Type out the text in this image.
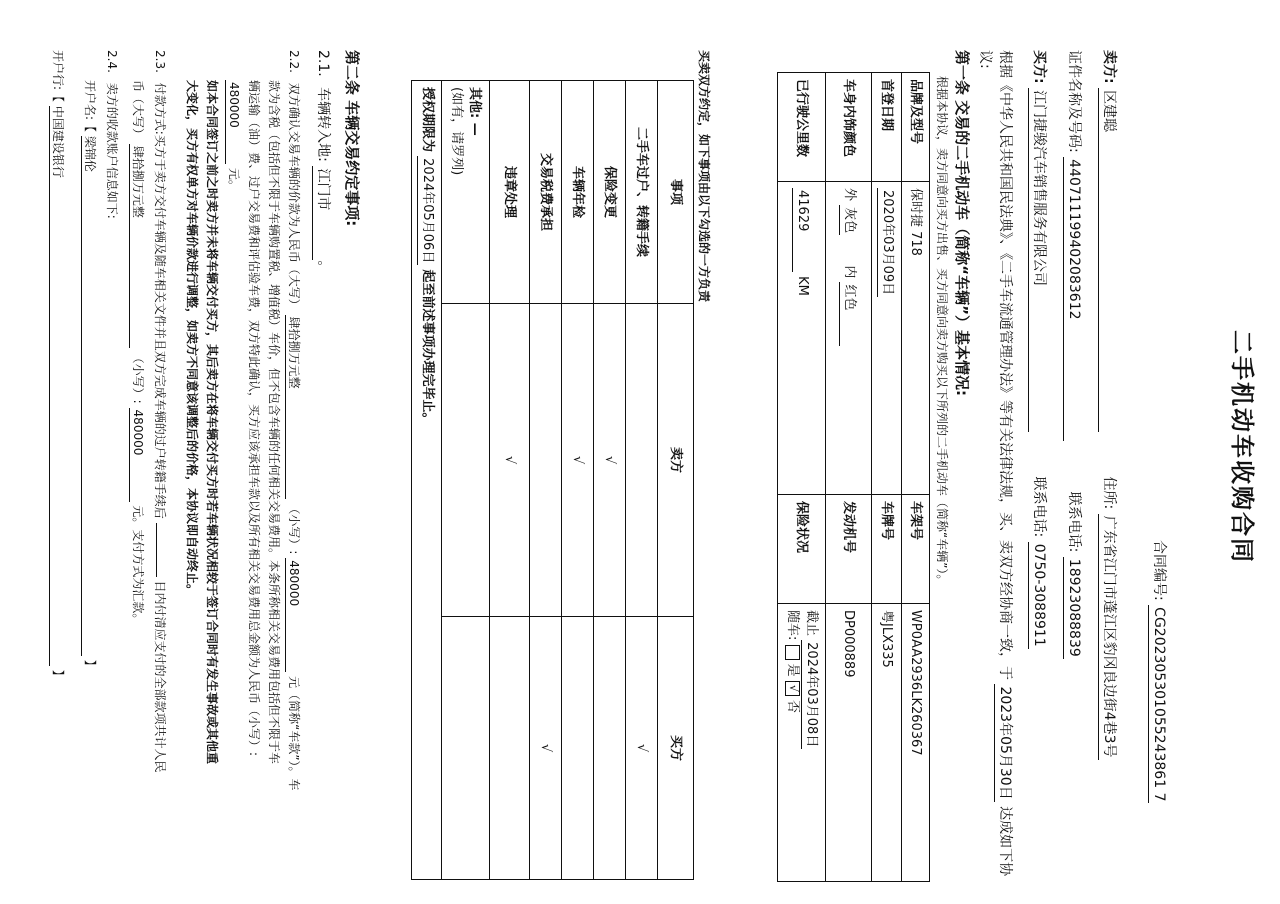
二手机动车收购合同
合同编号: CG202305301055243861 7
卖方: 区建聪 住所: 广东省江门市蓬江区豹冈良边街4巷3号
证件名称及号码: 440711199402083612 联系电话: 18923088839
买方: 江门捷骏汽车销售服务有限公司 联系电话: 0750-3088911
根据《中华人民共和国民法典》、《二手车流通管理办法》等有关法律法规，买、卖双方经协商一致，于 2023年05月30日 达成如下协
议:
第一条 交易的二手机动车（简称“车辆”）基本情况:
根据本协议，卖方同意向买方出售、买方同意向卖方购买以下所列的二手机动车（简称“车辆”）。
品牌及型号	保时捷 718	车架号	WP0AA2936LK260367
首登日期	2020年03月09日	车牌号	粤JLX335
车身内饰颜色	外 灰色 内 红色	发动机号	DP000889
已行驶公里数	41629 KM	保险状况	截止 2024年03月08日
随车:  是 √ 否
买卖双方约定，如下事项由以下勾选的一方负责
事项	卖方	买方
二手车过户、转籍手续		√
保险变更	√	
车辆年检	√	
交易税费承担		√
违章处理	√	

其他: —
(如有，请罗列)		

授权期限为 2024年05月06日 起至前述事项办理完毕止。		
第二条 车辆交易约定事项:
2.1. 车辆转入地: 江门市。
2.2. 双方确认交易车辆的价款为人民币（大写） 肆拾捌万元整 （小写）: 480000 元（简称“车款”）。车
款为含税（包括但不限于车辆购置税、增值税）车价，但不包含车辆的任何相关交易费用。本条所称相关交易费用包括但不限于车
辆运输（油）费、过户交易费和评估验车费，双方特此确认，买方应该承担车款以及所有相关交易费用总金额为人民币（小写）:
480000 元。
如本合同签订之前之时卖方并未将车辆交付买方，其后卖方在将车辆交付买方时若车辆状况相较于签订合同时有发生事故或其他重
大变化，买方有权单方对车辆价款进行调整，如卖方不同意该调整后的价格，本协议即自动终止。
2.3. 付款方式:买方于卖方交付车辆及随车相关文件并且双方完成车辆的过户转籍手续后  日内付清应支付的全部款项共计人民
币（大写） 肆拾捌万元整 （小写）: 480000 元。支付方式为汇款。
2.4. 卖方的收款账户信息如下:
开户名:【 梁锦伦 】
开户行:【 中国建设银行 】
